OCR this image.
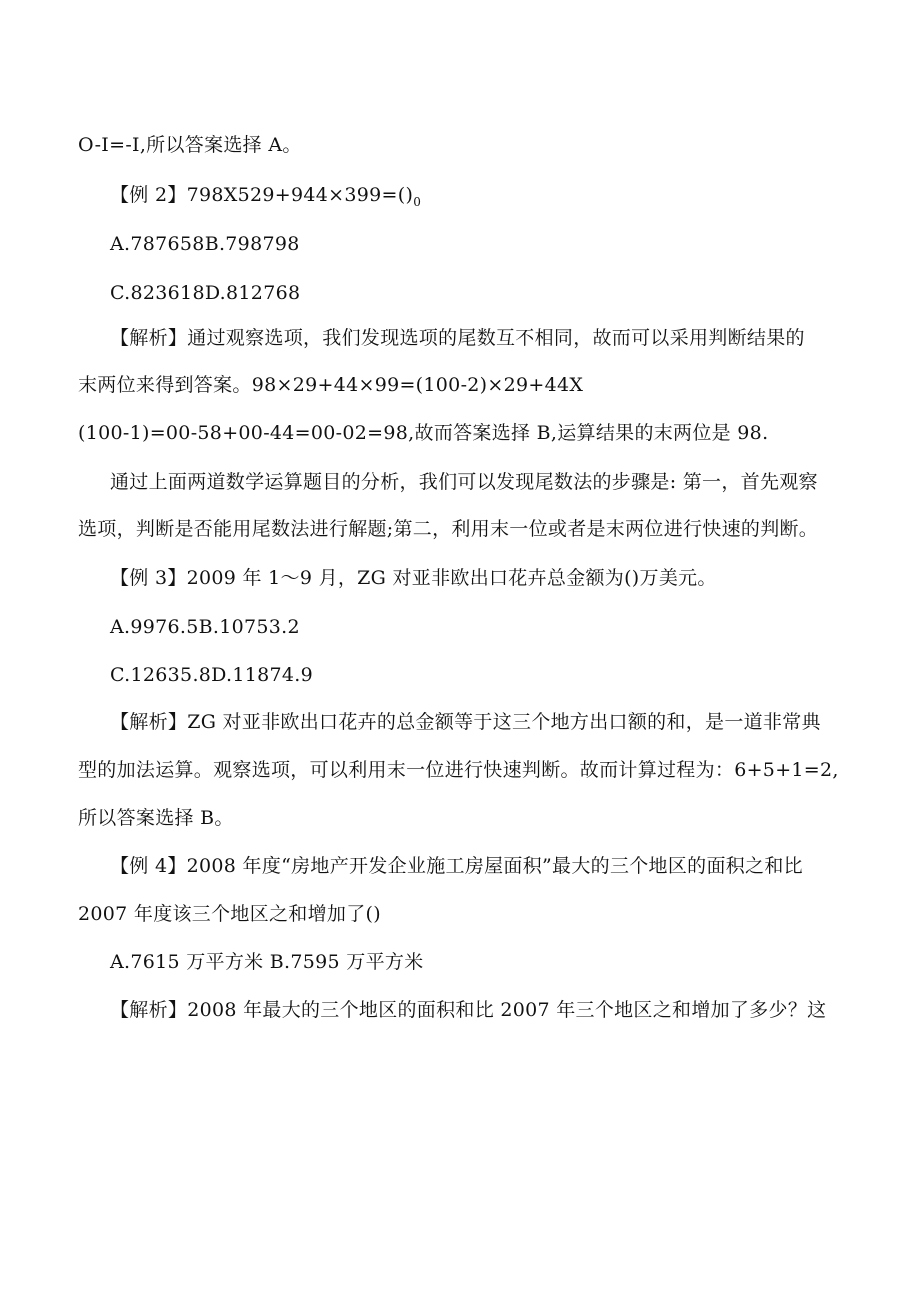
O-I=-I,所以答案选择 A。
【例 2】$798X529+944\times 399=()_0$
A.787658B.798798
C.823618D.812768
【解析】通过观察选项，我们发现选项的尾数互不相同，故而可以采用判断结果的
末两位来得到答案。98×29+44×99=(100-2)×29+44X
(100-1)=00-58+00-44=00-02=98,故而答案选择 B,运算结果的末两位是 98.
通过上面两道数学运算题目的分析，我们可以发现尾数法的步骤是: 第一，首先观察
选项，判断是否能用尾数法进行解题;第二，利用末一位或者是末两位进行快速的判断。
【例 3】2009 年 1～9 月，ZG 对亚非欧出口花卉总金额为()万美元。
A.9976.5B.10753.2
C.12635.8D.11874.9
【解析】ZG 对亚非欧出口花卉的总金额等于这三个地方出口额的和，是一道非常典
型的加法运算。观察选项，可以利用末一位进行快速判断。故而计算过程为：6+5+1=2,
所以答案选择 B。
【例 4】2008 年度“房地产开发企业施工房屋面积”最大的三个地区的面积之和比
2007 年度该三个地区之和增加了()
A.7615 万平方米 B.7595 万平方米
【解析】2008 年最大的三个地区的面积和比 2007 年三个地区之和增加了多少？这
